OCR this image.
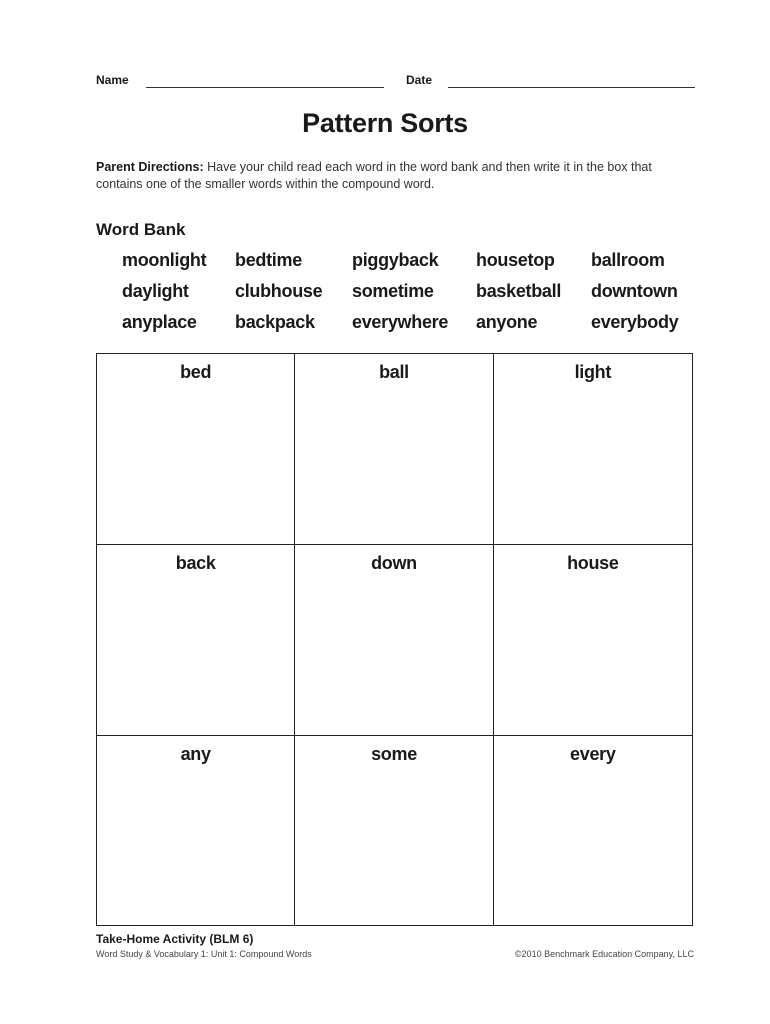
Name	Date
Pattern Sorts
Parent Directions: Have your child read each word in the word bank and then write it in the box that contains one of the smaller words within the compound word.
Word Bank
moonlight bedtime	piggyback housetop ballroom
daylight	clubhouse sometime basketball downtown
anyplace backpack everywhere anyone	everybody
bed	ball	light
back	down	house
any	some	every
Take-Home Activity (BLM 6)
Word Study & Vocabulary 1: Unit 1: Compound Words	©2010 Benchmark Education Company, LLC
